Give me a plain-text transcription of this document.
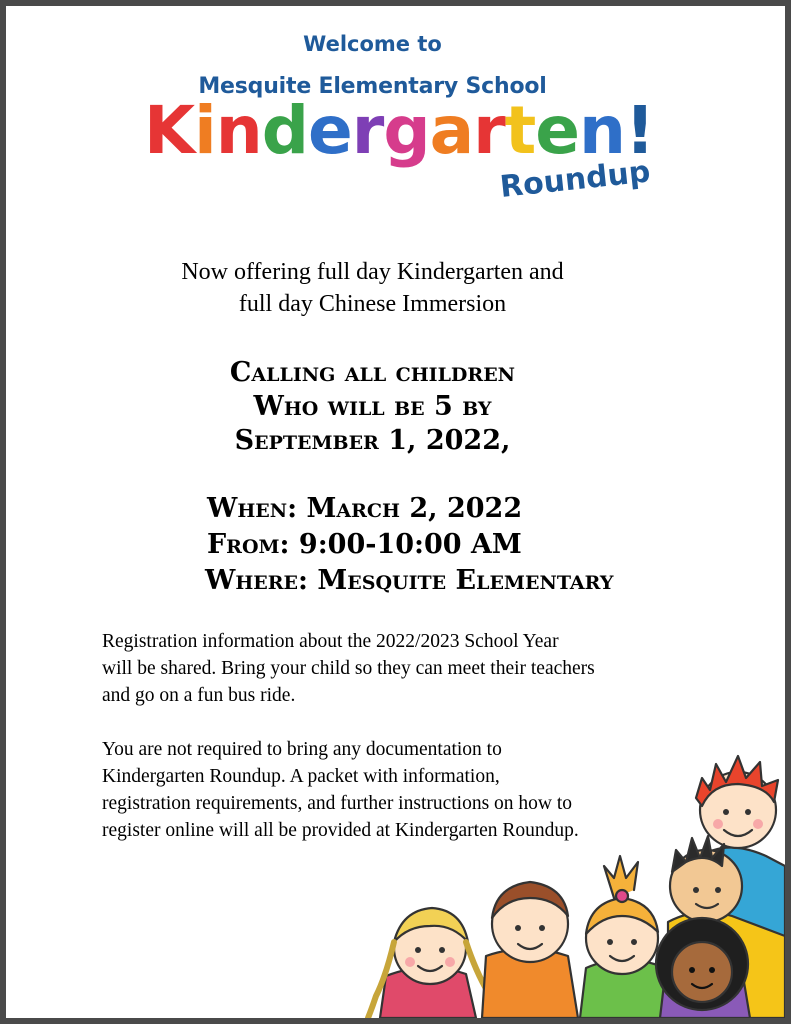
Welcome to
Mesquite Elementary School
Kindergarten!
Roundup
Now offering full day Kindergarten and
full day Chinese Immersion
Calling all children
Who will be 5 by
September 1, 2022,
When: March 2, 2022
From: 9:00-10:00 AM
Where: Mesquite Elementary
Registration information about the 2022/2023 School Year
will be shared. Bring your child so they can meet their teachers
and go on a fun bus ride.
You are not required to bring any documentation to
Kindergarten Roundup. A packet with information,
registration requirements, and further instructions on how to
register online will all be provided at Kindergarten Roundup.
